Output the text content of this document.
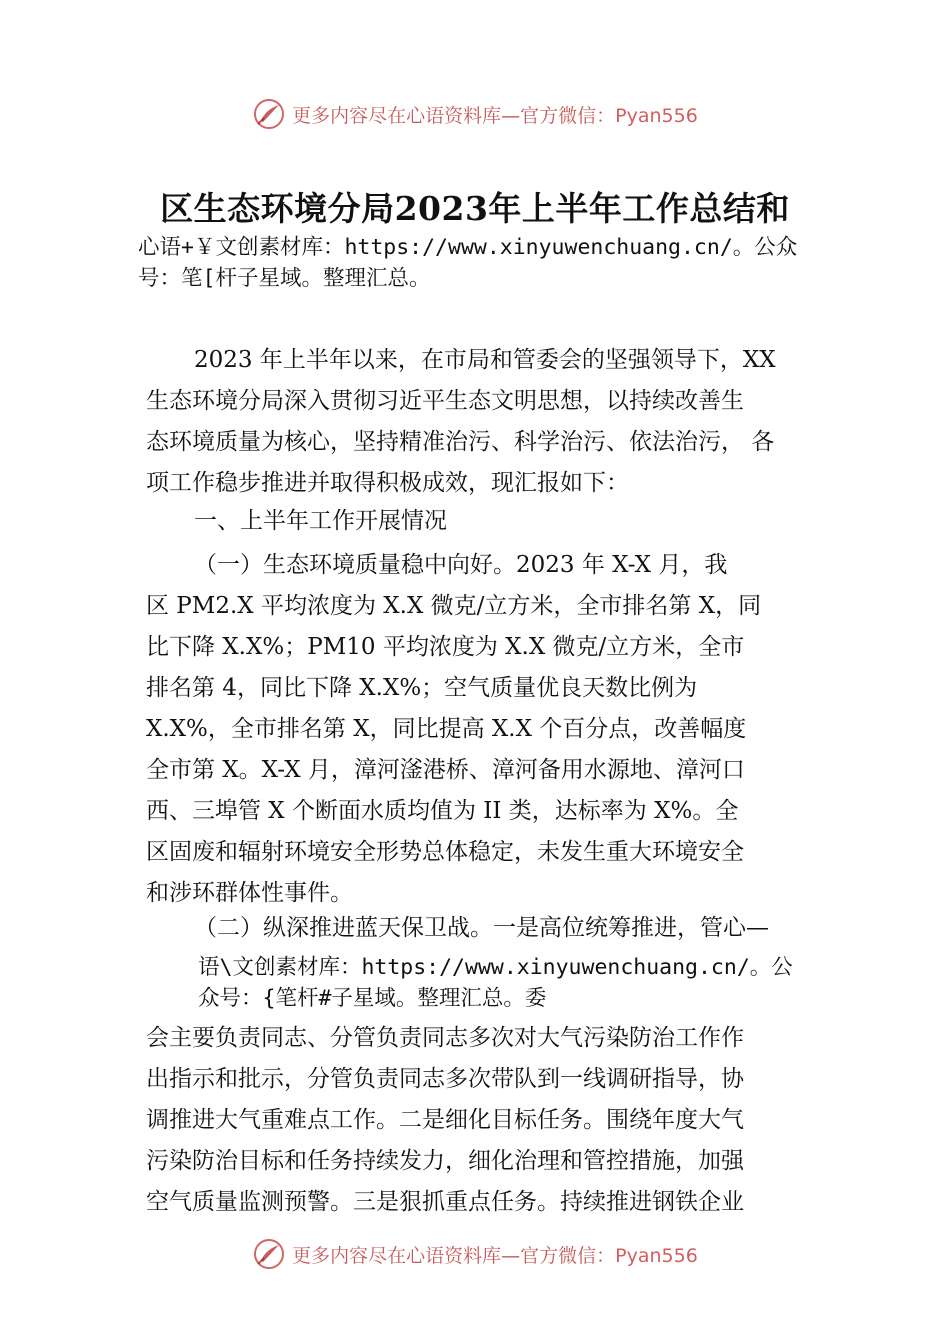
更多内容尽在心语资料库—官方微信：Pyan556
区生态环境分局2023年上半年工作总结和
心语+￥文创素材库：https://www.xinyuwenchuang.cn/。公众
号：笔[杆子星域。整理汇总。
2023 年上半年以来，在市局和管委会的坚强领导下，XX
生态环境分局深入贯彻习近平生态文明思想，以持续改善生
态环境质量为核心，坚持精准治污、科学治污、依法治污， 各
项工作稳步推进并取得积极成效，现汇报如下：
一、上半年工作开展情况
（一）生态环境质量稳中向好。2023 年 X-X 月，我
区 PM2.X 平均浓度为 X.X 微克/立方米，全市排名第 X，同
比下降 X.X%；PM10 平均浓度为 X.X 微克/立方米，全市
排名第 4，同比下降 X.X%；空气质量优良天数比例为
X.X%，全市排名第 X，同比提高 X.X 个百分点，改善幅度
全市第 X。X-X 月，漳河滏港桥、漳河备用水源地、漳河口
西、三埠管 X 个断面水质均值为 II 类，达标率为 X%。全
区固废和辐射环境安全形势总体稳定，未发生重大环境安全
和涉环群体性事件。
（二）纵深推进蓝天保卫战。一是高位统筹推进，管心—
语\文创素材库：https://www.xinyuwenchuang.cn/。公
众号：{笔杆#子星域。整理汇总。委
会主要负责同志、分管负责同志多次对大气污染防治工作作
出指示和批示，分管负责同志多次带队到一线调研指导，协
调推进大气重难点工作。二是细化目标任务。围绕年度大气
污染防治目标和任务持续发力，细化治理和管控措施，加强
空气质量监测预警。三是狠抓重点任务。持续推进钢铁企业
更多内容尽在心语资料库—官方微信：Pyan556
